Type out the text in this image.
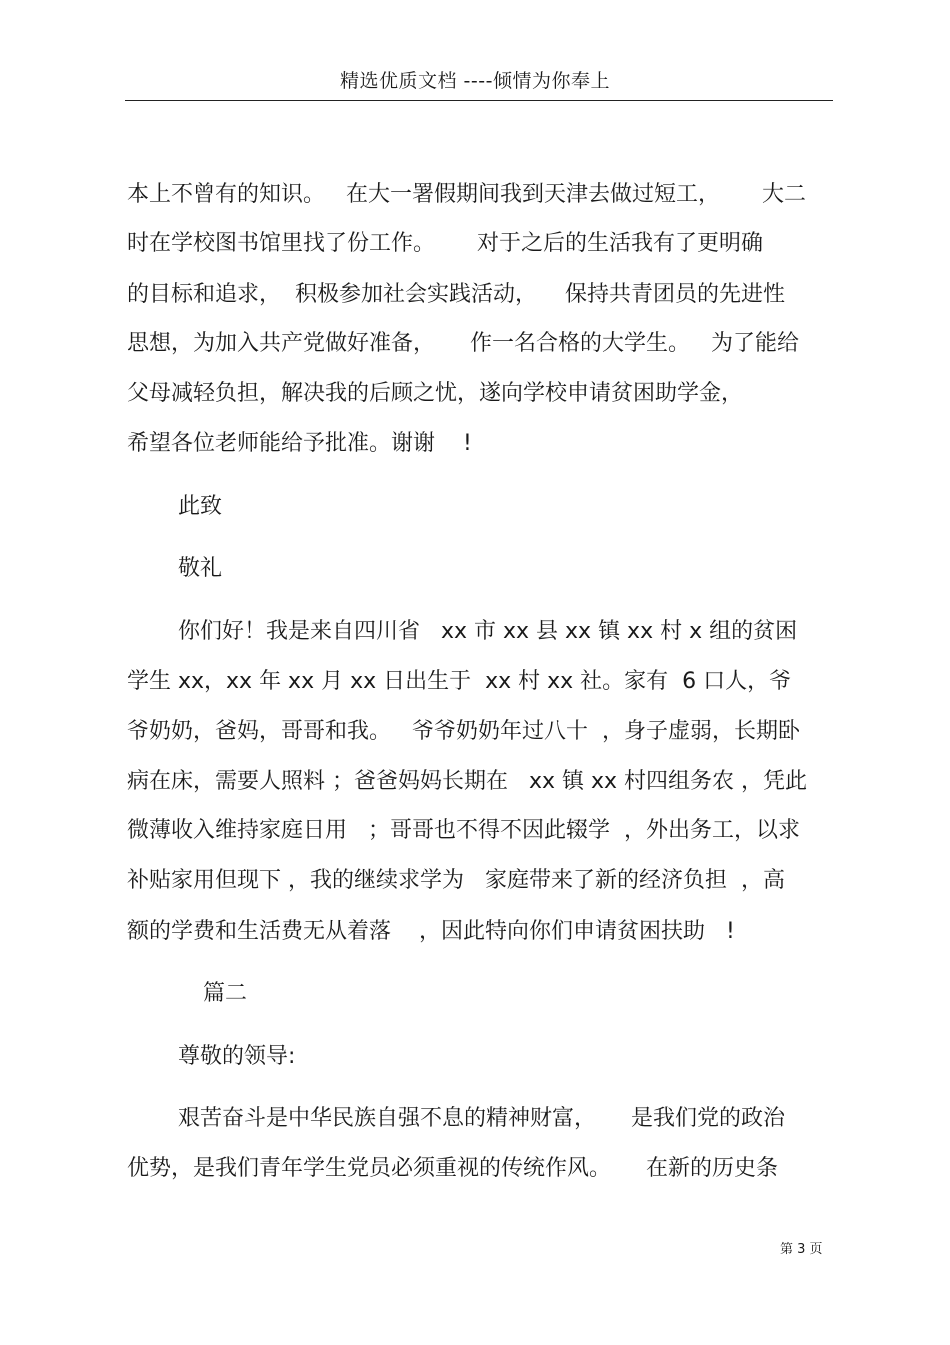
精选优质文档 ----倾情为你奉上
本上不曾有的知识。   在大一署假期间我到天津去做过短工，      大二
时在学校图书馆里找了份工作。      对于之后的生活我有了更明确
的目标和追求，  积极参加社会实践活动，    保持共青团员的先进性
思想，为加入共产党做好准备，     作一名合格的大学生。   为了能给
父母减轻负担，解决我的后顾之忧，遂向学校申请贫困助学金，
希望各位老师能给予批准。谢谢    !
此致
敬礼
你们好！我是来自四川省   xx 市 xx 县 xx 镇 xx 村 x 组的贫困
学生 xx，xx 年 xx 月 xx 日出生于  xx 村 xx 社。家有  6 口人，爷
爷奶奶，爸妈，哥哥和我。   爷爷奶奶年过八十  ，身子虚弱，长期卧
病在床，需要人照料 ；爸爸妈妈长期在   xx 镇 xx 村四组务农 ，凭此
微薄收入维持家庭日用   ；哥哥也不得不因此辍学  ，外出务工，以求
补贴家用但现下 ，我的继续求学为   家庭带来了新的经济负担  ，高
额的学费和生活费无从着落    ，因此特向你们申请贫困扶助   !
篇二
尊敬的领导:
艰苦奋斗是中华民族自强不息的精神财富，     是我们党的政治
优势，是我们青年学生党员必须重视的传统作风。     在新的历史条
第 3 页
